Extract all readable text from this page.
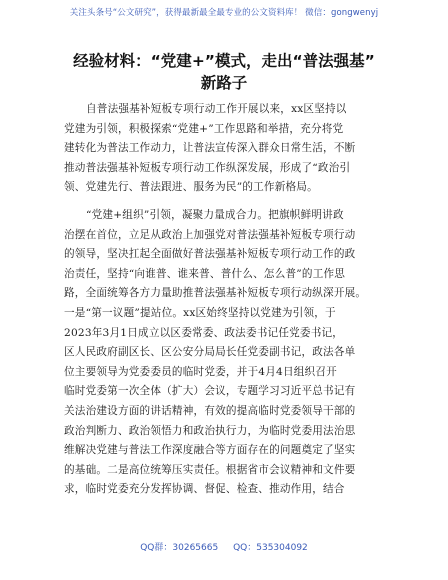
关注头条号“公文研究”，获得最新最全最专业的公文资料库！ 微信：gongwenyj
经验材料：“党建+”模式，走出“普法强基”
新路子
自普法强基补短板专项行动工作开展以来，xx区坚持以
党建为引领，积极探索“党建+”工作思路和举措，充分将党
建转化为普法工作动力，让普法宣传深入群众日常生活，不断
推动普法强基补短板专项行动工作纵深发展，形成了“政治引
领、党建先行、普法跟进、服务为民”的工作新格局。
“党建+组织”引领，凝聚力量成合力。把旗帜鲜明讲政
治摆在首位，立足从政治上加强党对普法强基补短板专项行动
的领导，坚决扛起全面做好普法强基补短板专项行动工作的政
治责任，坚持“向谁普、谁来普、普什么、怎么普”的工作思
路，全面统筹各方力量助推普法强基补短板专项行动纵深开展。
一是“第一议题”提站位。xx区始终坚持以党建为引领，于
2023年3月1日成立以区委常委、政法委书记任党委书记，
区人民政府副区长、区公安分局局长任党委副书记，政法各单
位主要领导为党委委员的临时党委，并于4月4日组织召开
临时党委第一次全体（扩大）会议，专题学习习近平总书记有
关法治建设方面的讲话精神，有效的提高临时党委领导干部的
政治判断力、政治领悟力和政治执行力，为临时党委用法治思
维解决党建与普法工作深度融合等方面存在的问题奠定了坚实
的基础。二是高位统筹压实责任。根据省市会议精神和文件要
求，临时党委充分发挥协调、督促、检查、推动作用，结合
QQ群：30265665 QQ：535304092
